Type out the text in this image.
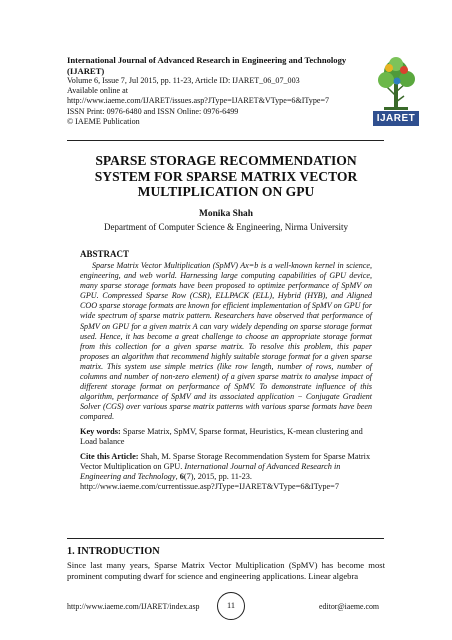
International Journal of Advanced Research in Engineering and Technology (IJARET)
Volume 6, Issue 7, Jul 2015, pp. 11-23, Article ID: IJARET_06_07_003
Available online at
http://www.iaeme.com/IJARET/issues.asp?JType=IJARET&VType=6&IType=7
ISSN Print: 0976-6480 and ISSN Online: 0976-6499
© IAEME Publication	IJARET
SPARSE STORAGE RECOMMENDATION
SYSTEM FOR SPARSE MATRIX VECTOR
MULTIPLICATION ON GPU
Monika Shah
Department of Computer Science & Engineering, Nirma University
ABSTRACT

Sparse Matrix Vector Multiplication (SpMV) Ax=b is a well-known kernel in science, engineering, and web world. Harnessing large computing capabilities of GPU device, many sparse storage formats have been proposed to optimize performance of SpMV on GPU. Compressed Sparse Row (CSR), ELLPACK (ELL), Hybrid (HYB), and Aligned COO sparse storage formats are known for efficient implementation of SpMV on GPU for wide spectrum of sparse matrix pattern. Researchers have observed that performance of SpMV on GPU for a given matrix A can vary widely depending on sparse storage format used. Hence, it has become a great challenge to choose an appropriate storage format from this collection for a given sparse matrix. To resolve this problem, this paper proposes an algorithm that recommend highly suitable storage format for a given sparse matrix. This system use simple metrics (like row length, number of rows, number of columns and number of non-zero element) of a given sparse matrix to analyse impact of different storage format on performance of SpMV. To demonstrate influence of this algorithm, performance of SpMV and its associated application − Conjugate Gradient Solver (CGS) over various sparse matrix patterns with various sparse formats have been compared.

Key words: Sparse Matrix, SpMV, Sparse format, Heuristics, K-mean clustering and Load balance
Cite this Article: Shah, M. Sparse Storage Recommendation System for Sparse Matrix Vector Multiplication on GPU. International Journal of Advanced Research in Engineering and Technology, 6(7), 2015, pp. 11-23.
http://www.iaeme.com/currentissue.asp?JType=IJARET&VType=6&IType=7
1. INTRODUCTION

Since last many years, Sparse Matrix Vector Multiplication (SpMV) has become most prominent computing dwarf for science and engineering applications. Linear algebra

http://www.iaeme.com/IJARET/index.asp	11	editor@iaeme.com
